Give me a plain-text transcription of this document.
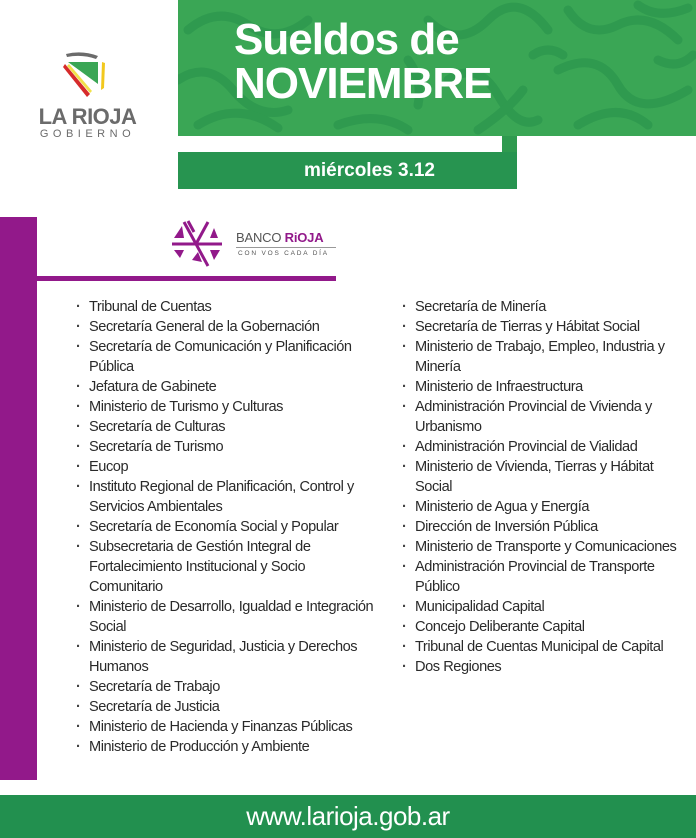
LA RIOJA
GOBIERNO
Sueldos de
NOVIEMBRE
miércoles 3.12
BANCO RiOJA
CON VOS CADA DÍA
· Tribunal de Cuentas
· Secretaría General de la Gobernación
· Secretaría de Comunicación y Planificación Pública
· Jefatura de Gabinete
· Ministerio de Turismo y Culturas
· Secretaría de Culturas
· Secretaría de Turismo
· Eucop
· Instituto Regional de Planificación, Control y Servicios Ambientales
· Secretaría de Economía Social y Popular
· Subsecretaria de Gestión Integral de Fortalecimiento Institucional y Socio Comunitario
· Ministerio de Desarrollo, Igualdad e Integración Social
· Ministerio de Seguridad, Justicia y Derechos Humanos
· Secretaría de Trabajo
· Secretaría de Justicia
· Ministerio de Hacienda y Finanzas Públicas
· Ministerio de Producción y Ambiente
· Secretaría de Minería
· Secretaría de Tierras y Hábitat Social
· Ministerio de Trabajo, Empleo, Industria y Minería
· Ministerio de Infraestructura
· Administración Provincial de Vivienda y Urbanismo
· Administración Provincial de Vialidad
· Ministerio de Vivienda, Tierras y Hábitat Social
· Ministerio de Agua y Energía
· Dirección de Inversión Pública
· Ministerio de Transporte y Comunicaciones
· Administración Provincial de Transporte Público
· Municipalidad Capital
· Concejo Deliberante Capital
· Tribunal de Cuentas Municipal de Capital
· Dos Regiones
www.larioja.gob.ar
